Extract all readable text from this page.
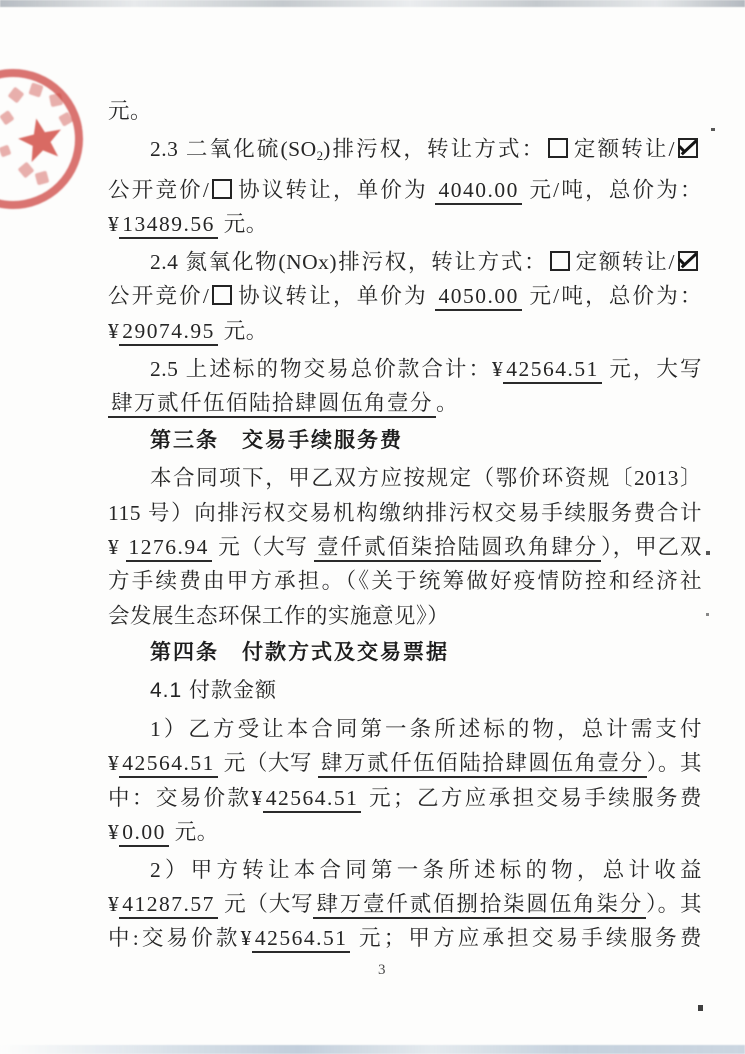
元。
2.3 二氧化硫$(SO_2)$排污权，转让方式： 定额转让/
公开竞价/ 协议转让，单价为 4040.00 元/吨，总价为：
¥ 13489.56 元。
2.4 氮氧化物(NOx)排污权，转让方式： 定额转让/
公开竞价/ 协议转让，单价为 4050.00 元/吨，总价为：
¥ 29074.95 元。
2.5 上述标的物交易总价款合计：¥ 42564.51 元，大写
肆万贰仟伍佰陆拾肆圆伍角壹分 。
第三条　交易手续服务费
本合同项下，甲乙双方应按规定（鄂价环资规〔2013〕
115 号）向排污权交易机构缴纳排污权交易手续服务费合计
¥ 1276.94 元（大写 壹仟贰佰柒拾陆圆玖角肆分 ），甲乙双
方手续费由甲方承担。（《关于统筹做好疫情防控和经济社
会发展生态环保工作的实施意见》）
第四条　付款方式及交易票据
4.1 付款金额
1）乙方受让本合同第一条所述标的物，总计需支付
¥ 42564.51 元（大写 肆万贰仟伍佰陆拾肆圆伍角壹分 ）。其
中：交易价款¥ 42564.51 元；乙方应承担交易手续服务费
¥ 0.00 元。
2）甲方转让本合同第一条所述标的物，总计收益
¥ 41287.57 元（大写 肆万壹仟贰佰捌拾柒圆伍角柒分 ）。其
中:交易价款¥ 42564.51 元；甲方应承担交易手续服务费
3
